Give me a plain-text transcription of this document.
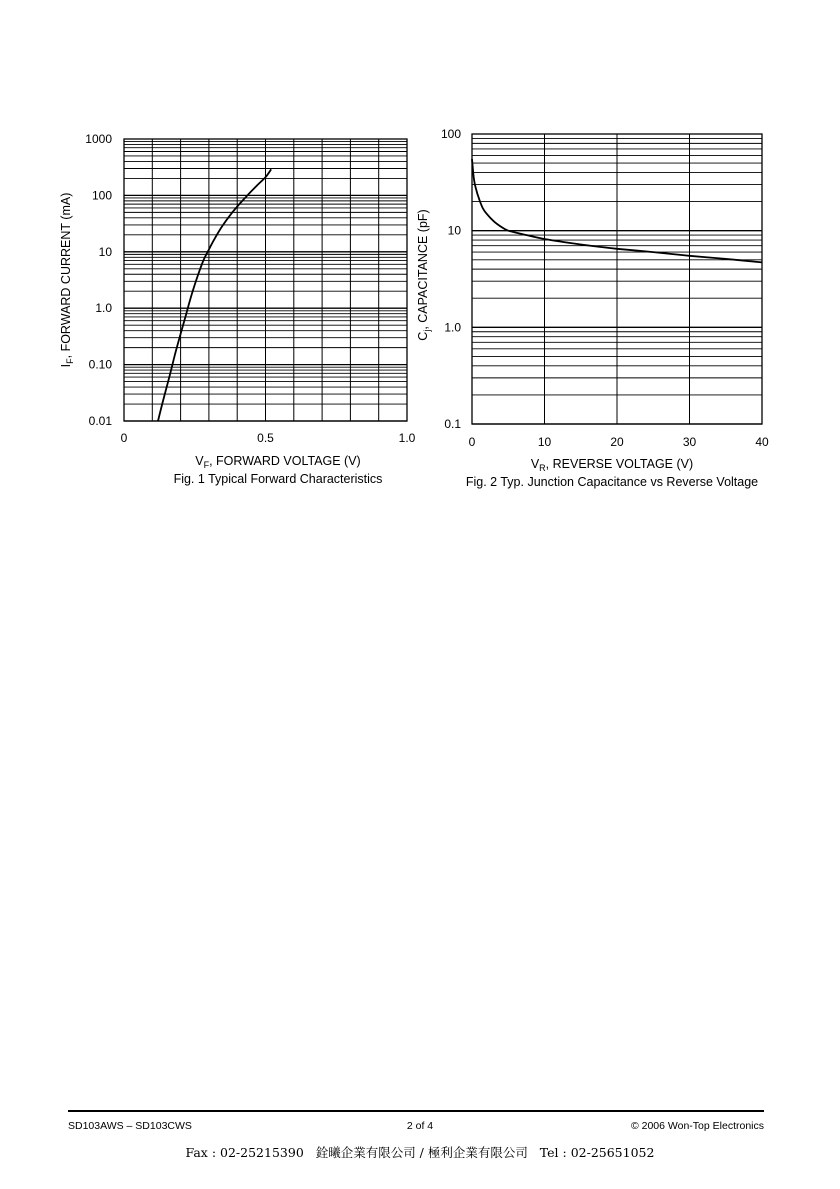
0	0.5	1.0
0.01
0.10
1.0
10
100
1000
$I_F$, FORWARD CURRENT (mA)
$V_F$, FORWARD VOLTAGE (V)
Fig. 1 Typical Forward Characteristics
0	10	20	30	40
0.1
1.0
10
100
$C_j$, CAPACITANCE (pF)
$V_R$, REVERSE VOLTAGE (V)
Fig. 2 Typ. Junction Capacitance vs Reverse Voltage
SD103AWS – SD103CWS	2 of 4	© 2006 Won-Top Electronics
Fax : 02-25215390   銓曦企業有限公司 / 極利企業有限公司   Tel : 02-25651052
